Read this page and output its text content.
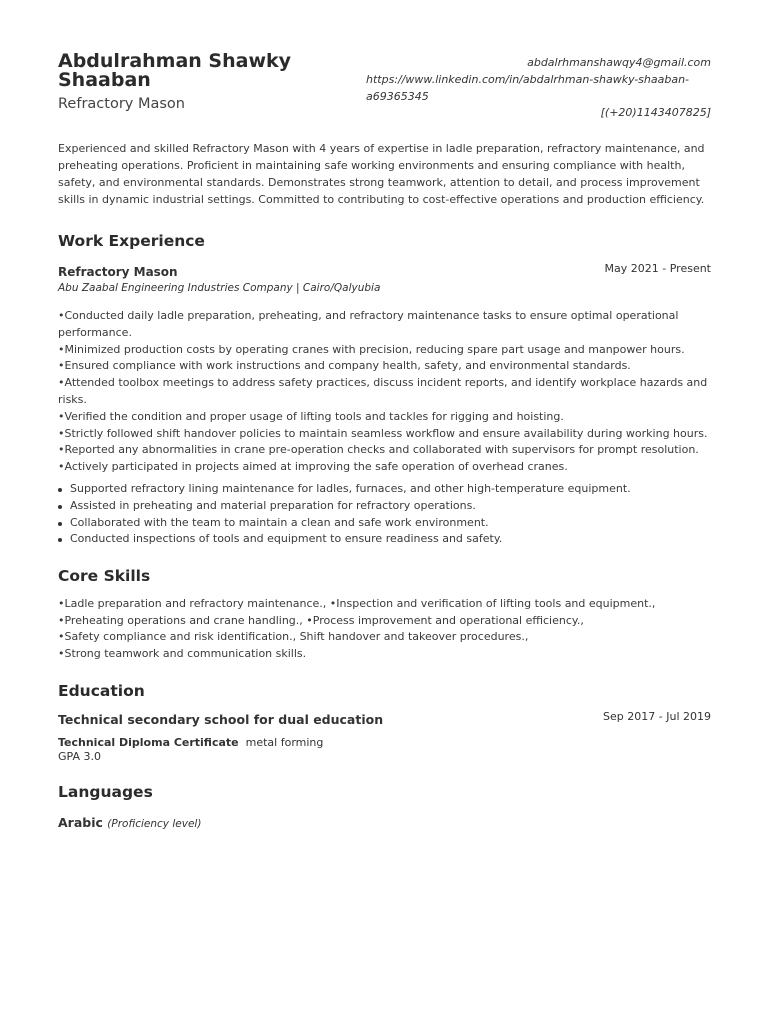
Abdulrahman Shawky Shaaban
Refractory Mason
abdalrhmanshawqy4@gmail.com
https://www.linkedin.com/in/abdalrhman-shawky-shaaban-a69365345
[(+20)1143407825]
Experienced and skilled Refractory Mason with 4 years of expertise in ladle preparation, refractory maintenance, and preheating operations. Proficient in maintaining safe working environments and ensuring compliance with health, safety, and environmental standards. Demonstrates strong teamwork, attention to detail, and process improvement skills in dynamic industrial settings. Committed to contributing to cost-effective operations and production efficiency.
Work Experience
Refractory Mason	May 2021 - Present
Abu Zaabal Engineering Industries Company | Cairo/Qalyubia
•Conducted daily ladle preparation, preheating, and refractory maintenance tasks to ensure optimal operational performance.
•Minimized production costs by operating cranes with precision, reducing spare part usage and manpower hours.
•Ensured compliance with work instructions and company health, safety, and environmental standards.
•Attended toolbox meetings to address safety practices, discuss incident reports, and identify workplace hazards and risks.
•Verified the condition and proper usage of lifting tools and tackles for rigging and hoisting.
•Strictly followed shift handover policies to maintain seamless workflow and ensure availability during working hours.
•Reported any abnormalities in crane pre-operation checks and collaborated with supervisors for prompt resolution.
•Actively participated in projects aimed at improving the safe operation of overhead cranes.
Supported refractory lining maintenance for ladles, furnaces, and other high-temperature equipment.
Assisted in preheating and material preparation for refractory operations.
Collaborated with the team to maintain a clean and safe work environment.
Conducted inspections of tools and equipment to ensure readiness and safety.
Core Skills
•Ladle preparation and refractory maintenance., •Inspection and verification of lifting tools and equipment.,
•Preheating operations and crane handling., •Process improvement and operational efficiency.,
•Safety compliance and risk identification., Shift handover and takeover procedures.,
•Strong teamwork and communication skills.
Education
Technical secondary school for dual education	Sep 2017 - Jul 2019
Technical Diploma Certificate metal forming
GPA 3.0
Languages
Arabic (Proficiency level)
